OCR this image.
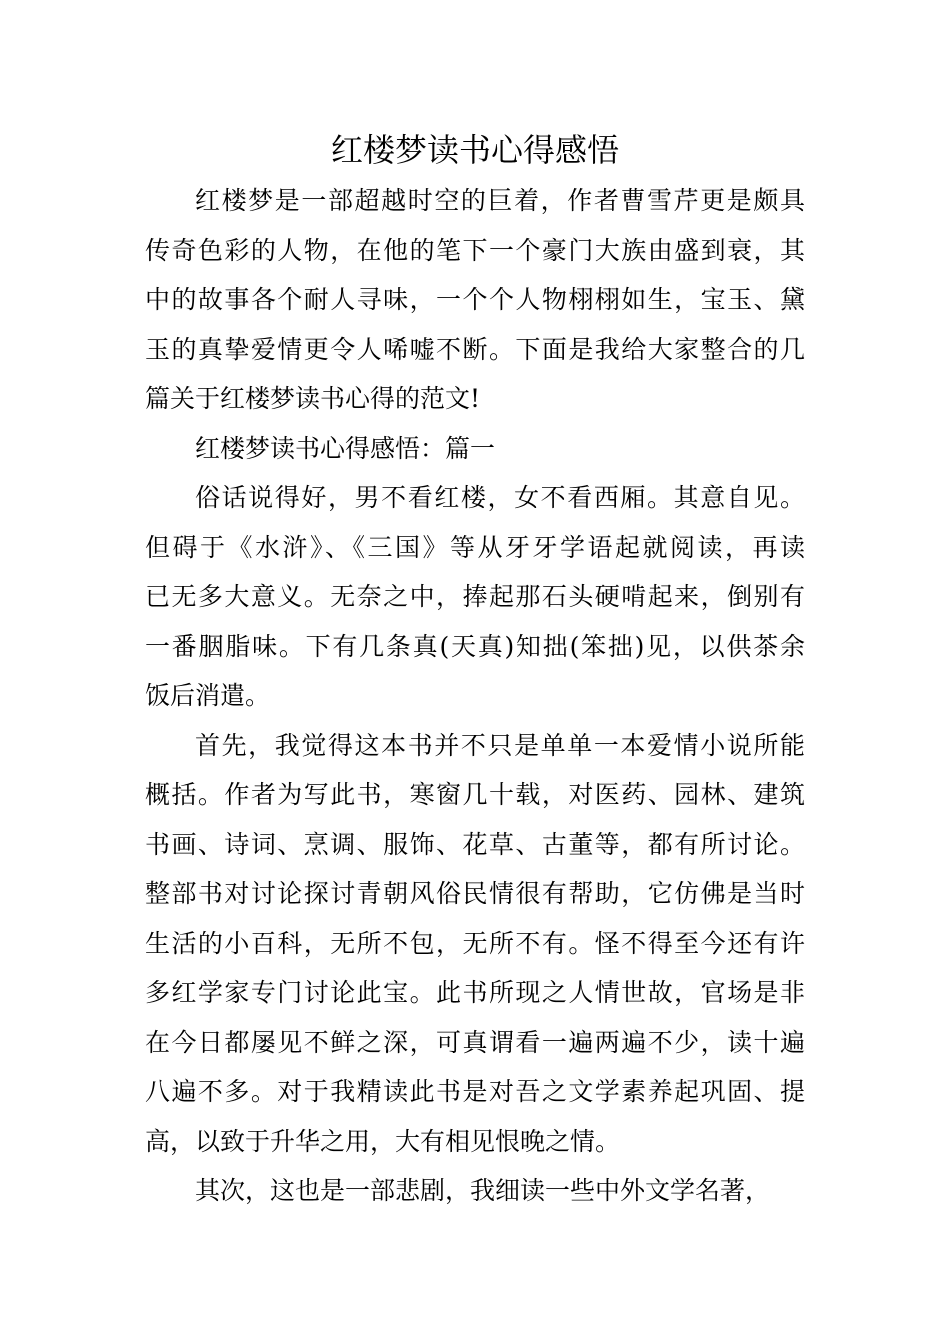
红楼梦读书心得感悟
红楼梦是一部超越时空的巨着，作者曹雪芹更是颇具
传奇色彩的人物，在他的笔下一个豪门大族由盛到衰，其
中的故事各个耐人寻味，一个个人物栩栩如生，宝玉、黛
玉的真挚爱情更令人唏嘘不断。下面是我给大家整合的几
篇关于红楼梦读书心得的范文!
红楼梦读书心得感悟：篇一
俗话说得好，男不看红楼，女不看西厢。其意自见。
但碍于《水浒》、《三国》等从牙牙学语起就阅读，再读
已无多大意义。无奈之中，捧起那石头硬啃起来，倒别有
一番胭脂味。下有几条真(天真)知拙(笨拙)见，以供茶余
饭后消遣。
首先，我觉得这本书并不只是单单一本爱情小说所能
概括。作者为写此书，寒窗几十载，对医药、园林、建筑
书画、诗词、烹调、服饰、花草、古董等，都有所讨论。
整部书对讨论探讨青朝风俗民情很有帮助，它仿佛是当时
生活的小百科，无所不包，无所不有。怪不得至今还有许
多红学家专门讨论此宝。此书所现之人情世故，官场是非
在今日都屡见不鲜之深，可真谓看一遍两遍不少，读十遍
八遍不多。对于我精读此书是对吾之文学素养起巩固、提
高，以致于升华之用，大有相见恨晚之情。
其次，这也是一部悲剧，我细读一些中外文学名著，
